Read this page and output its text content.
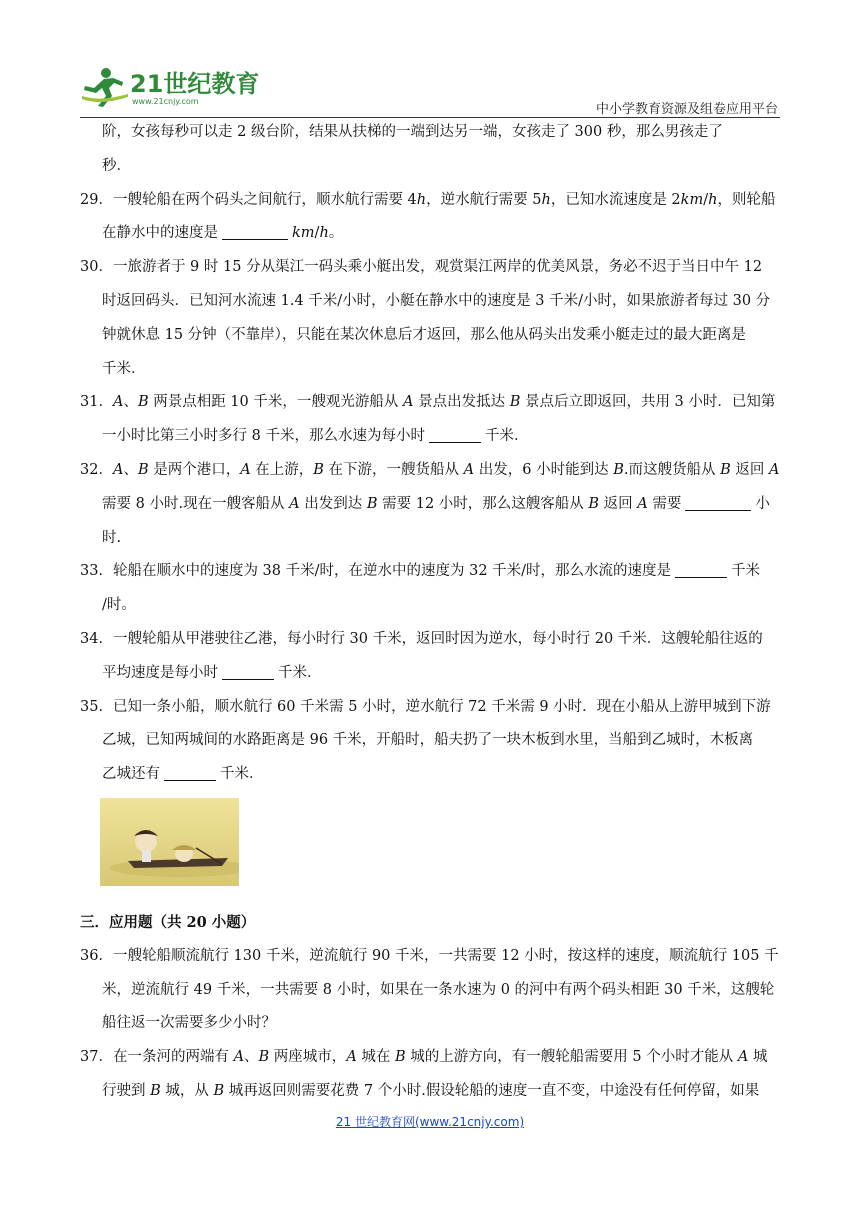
21世纪教育
www.21cnjy.com
中小学教育资源及组卷应用平台

阶，女孩每秒可以走 2 级台阶，结果从扶梯的一端到达另一端，女孩走了 300 秒，那么男孩走了
秒．

29．一艘轮船在两个码头之间航行，顺水航行需要 4h，逆水航行需要 5h，已知水流速度是 2km/h，则轮船
在静水中的速度是	km/h。

30．一旅游者于 9 时 15 分从渠江一码头乘小艇出发，观赏渠江两岸的优美风景，务必不迟于当日中午 12
时返回码头．已知河水流速 1.4 千米/小时，小艇在静水中的速度是 3 千米/小时，如果旅游者每过 30 分
钟就休息 15 分钟（不靠岸），只能在某次休息后才返回，那么他从码头出发乘小艇走过的最大距离是
千米．

31．A、B 两景点相距 10 千米，一艘观光游船从 A 景点出发抵达 B 景点后立即返回，共用 3 小时．已知第
一小时比第三小时多行 8 千米，那么水速为每小时	千米．

32．A、B 是两个港口，A 在上游，B 在下游，一艘货船从 A 出发，6 小时能到达 B.而这艘货船从 B 返回 A
需要 8 小时.现在一艘客船从 A 出发到达 B 需要 12 小时，那么这艘客船从 B 返回 A 需要	小
时.

33．轮船在顺水中的速度为 38 千米/时，在逆水中的速度为 32 千米/时，那么水流的速度是	千米
/时。

34．一艘轮船从甲港驶往乙港，每小时行 30 千米，返回时因为逆水，每小时行 20 千米．这艘轮船往返的
平均速度是每小时	千米．

35．已知一条小船，顺水航行 60 千米需 5 小时，逆水航行 72 千米需 9 小时．现在小船从上游甲城到下游
乙城，已知两城间的水路距离是 96 千米，开船时，船夫扔了一块木板到水里，当船到乙城时，木板离
乙城还有	千米．

三．应用题（共 20 小题）

36．一艘轮船顺流航行 130 千米，逆流航行 90 千米，一共需要 12 小时，按这样的速度，顺流航行 105 千
米，逆流航行 49 千米，一共需要 8 小时，如果在一条水速为 0 的河中有两个码头相距 30 千米，这艘轮
船往返一次需要多少小时？

37．在一条河的两端有 A、B 两座城市，A 城在 B 城的上游方向，有一艘轮船需要用 5 个小时才能从 A 城
行驶到 B 城，从 B 城再返回则需要花费 7 个小时.假设轮船的速度一直不变，中途没有任何停留，如果

21 世纪教育网(www.21cnjy.com)
